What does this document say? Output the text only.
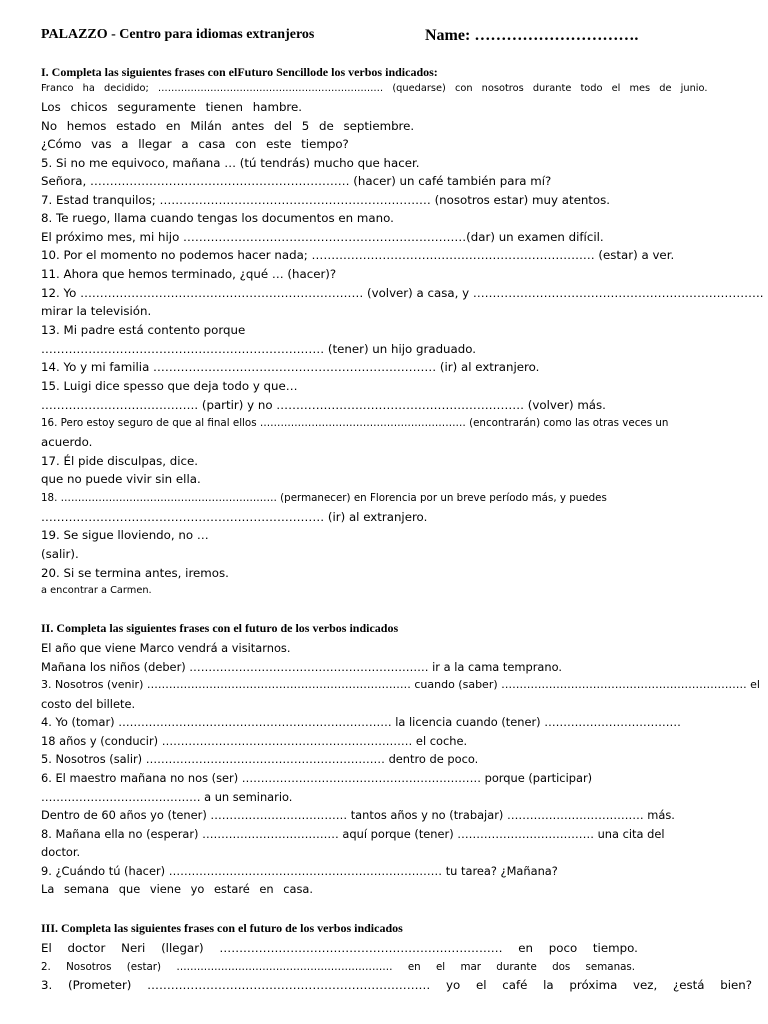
PALAZZO - Centro para idiomas extranjeros	Name: ………………………….
I. Completa las siguientes frases con elFuturo Sencillode los verbos indicados:
Franco ha decidido; …………………………………………………………… (quedarse) con nosotros durante todo el mes de junio.
Los chicos seguramente tienen hambre.
No hemos estado en Milán antes del 5 de septiembre.
¿Cómo vas a llegar a casa con este tiempo?
5. Si no me equivoco, mañana … (tú tendrás) mucho que hacer.
Señora, ………………………………………………………… (hacer) un café también para mí?
7. Estad tranquilos; …………………………………………………………… (nosotros estar) muy atentos.
8. Te ruego, llama cuando tengas los documentos en mano.
El próximo mes, mi hijo ………………………………………………………………(dar) un examen difícil.
10. Por el momento no podemos hacer nada; ……………………………………………………………… (estar) a ver.
11. Ahora que hemos terminado, ¿qué … (hacer)?
12. Yo ……………………………………………………………… (volver) a casa, y ………………………………………………………………..
mirar la televisión.
13. Mi padre está contento porque
……………………………………………………………… (tener) un hijo graduado.
14. Yo y mi familia ……………………………………………………………… (ir) al extranjero.
15. Luigi dice spesso que deja todo y que…
…………………………………. (partir) y no ……………………………………………………… (volver) más.
16. Pero estoy seguro de que al final ellos …………………………………………………… (encontrarán) como las otras veces un
acuerdo.
17. Él pide disculpas, dice.
que no puede vivir sin ella.
18. ……………………………………………………… (permanecer) en Florencia por un breve período más, y puedes
……………………………………………………………… (ir) al extranjero.
19. Se sigue lloviendo, no …
(salir).
20. Si se termina antes, iremos.
a encontrar a Carmen.
II. Completa las siguientes frases con el futuro de los verbos indicados
El año que viene Marco vendrá a visitarnos.
Mañana los niños (deber) ……………………………………………………… ir a la cama temprano.
3. Nosotros (venir) ……………………………………………………………… cuando (saber) …………………………………………………………. el
costo del billete.
4. Yo (tomar) ……………………………………………………………… la licencia cuando (tener) ………………………………
18 años y (conducir) ………………………………………………………… el coche.
5. Nosotros (salir) ……………………………………………………… dentro de poco.
6. El maestro mañana no nos (ser) ……………………………………………………… porque (participar)
…………………………………… a un seminario.
Dentro de 60 años yo (tener) ……………………………… tantos años y no (trabajar) ……………………………… más.
8. Mañana ella no (esperar) ……………………………… aquí porque (tener) ……………………………… una cita del
doctor.
9. ¿Cuándo tú (hacer) ……………………………………………………………… tu tarea? ¿Mañana?
La semana que viene yo estaré en casa.
III. Completa las siguientes frases con el futuro de los verbos indicados
El doctor Neri (llegar) ……………………………………………………………… en poco tiempo.
2. Nosotros (estar) ……………………………………………………… en el mar durante dos semanas.
3. (Prometer) ……………………………………………………………… yo el café la próxima vez, ¿está bien?
